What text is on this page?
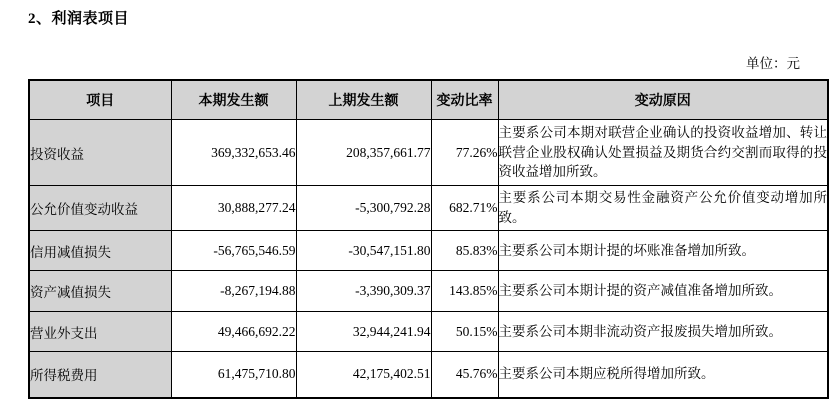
2、利润表项目
单位：元
项目	本期发生额	上期发生额	变动比率	变动原因
投资收益	369,332,653.46	208,357,661.77	77.26%	主要系公司本期对联营企业确认的投资收益增加、转让联营企业股权确认处置损益及期货合约交割而取得的投资收益增加所致。
公允价值变动收益	30,888,277.24	-5,300,792.28	682.71%	主要系公司本期交易性金融资产公允价值变动增加所致。
信用减值损失	-56,765,546.59	-30,547,151.80	85.83%	主要系公司本期计提的坏账准备增加所致。
资产减值损失	-8,267,194.88	-3,390,309.37	143.85%	主要系公司本期计提的资产减值准备增加所致。
营业外支出	49,466,692.22	32,944,241.94	50.15%	主要系公司本期非流动资产报废损失增加所致。
所得税费用	61,475,710.80	42,175,402.51	45.76%	主要系公司本期应税所得增加所致。
